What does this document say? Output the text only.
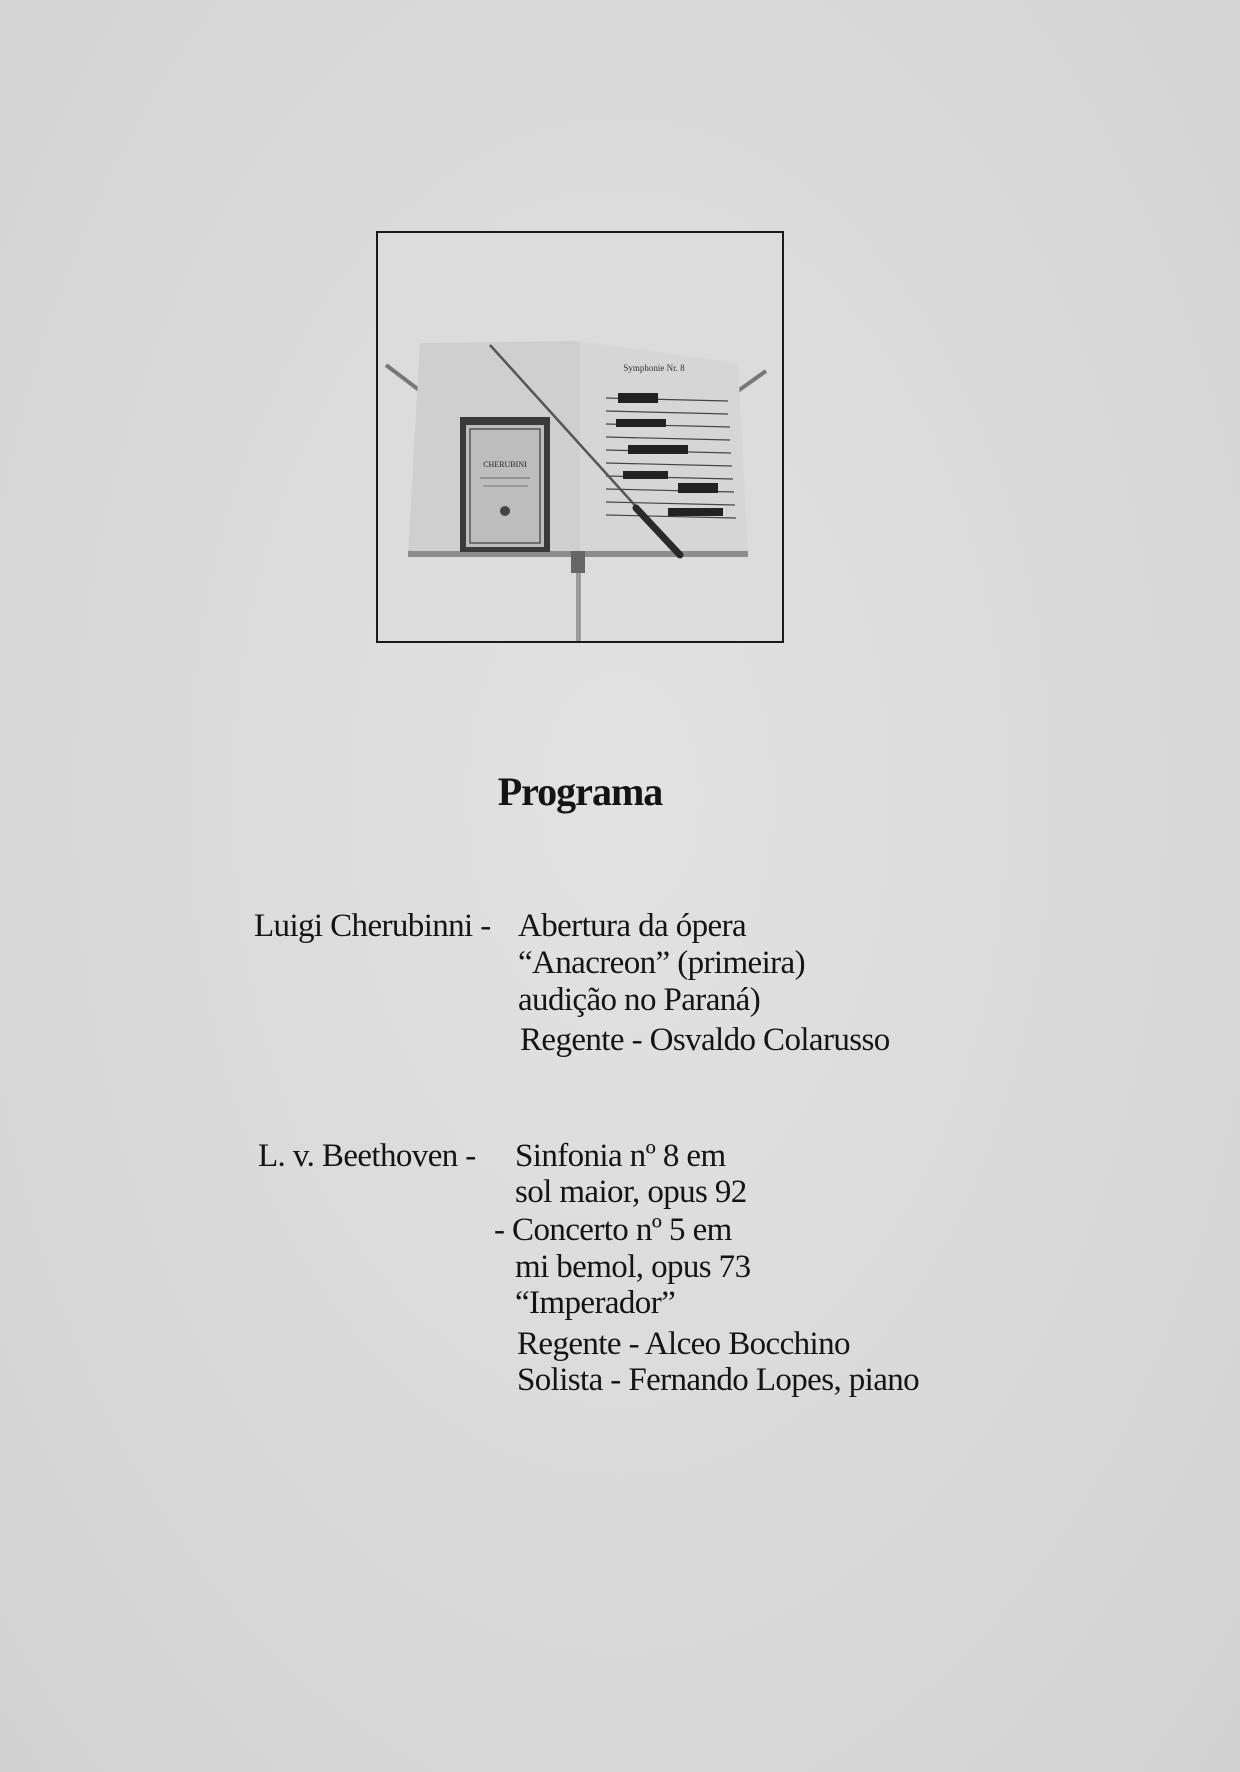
CHERUBINI
Symphonie Nr. 8
Programa
Luigi Cherubinni - Abertura da ópera
“Anacreon” (primeira)
audição no Paraná)
Regente - Osvaldo Colarusso
L. v. Beethoven - Sinfonia nº 8 em
sol maior, opus 92
- Concerto nº 5 em
mi bemol, opus 73
“Imperador”
Regente - Alceo Bocchino
Solista - Fernando Lopes, piano
